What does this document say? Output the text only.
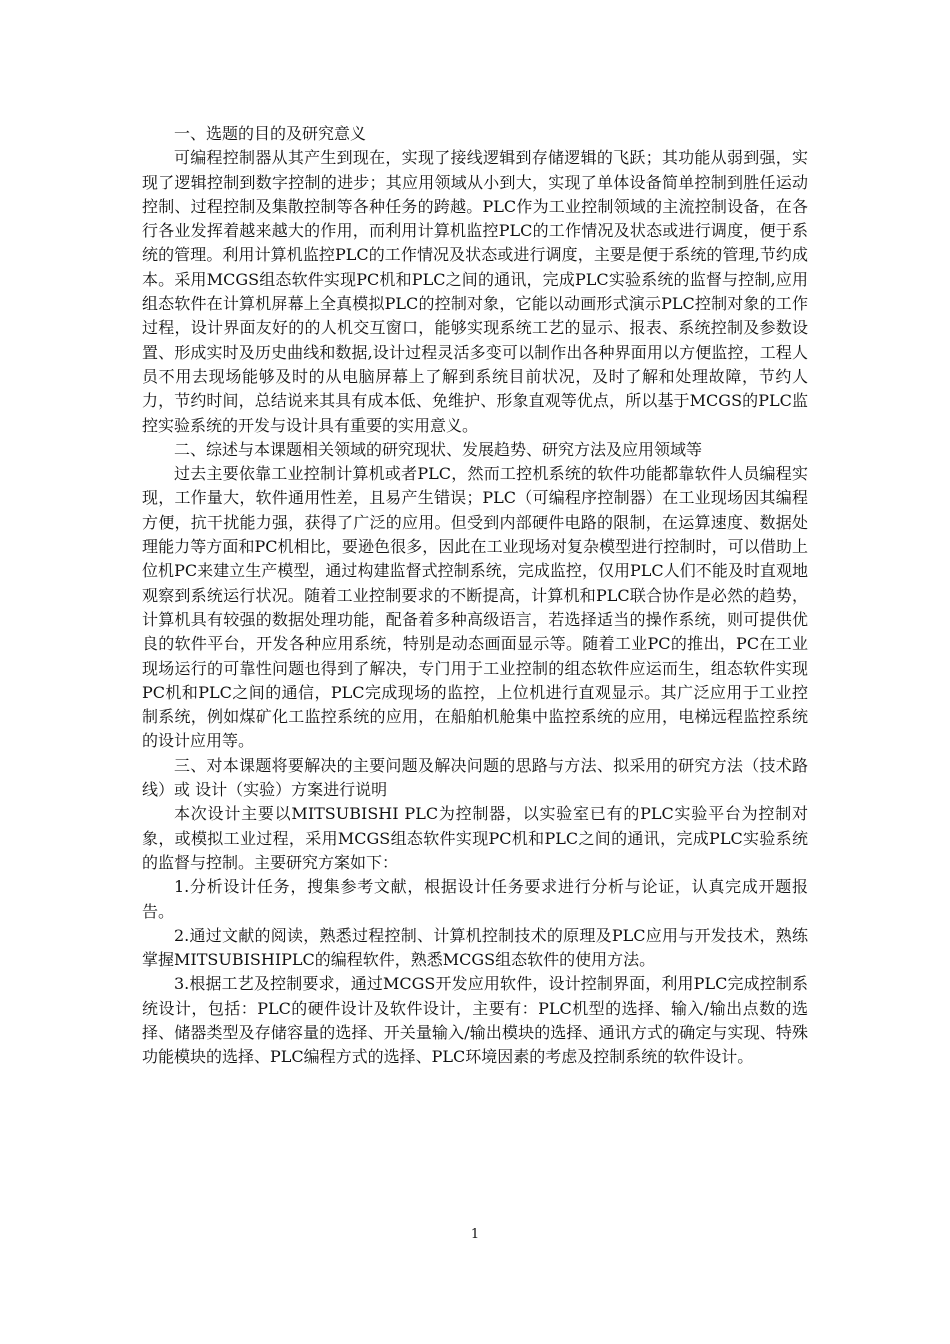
一、选题的目的及研究意义

可编程控制器从其产生到现在，实现了接线逻辑到存储逻辑的飞跃；其功能从弱到强，实现了逻辑控制到数字控制的进步；其应用领域从小到大，实现了单体设备简单控制到胜任运动控制、过程控制及集散控制等各种任务的跨越。PLC作为工业控制领域的主流控制设备，在各行各业发挥着越来越大的作用，而利用计算机监控PLC的工作情况及状态或进行调度，便于系统的管理。利用计算机监控PLC的工作情况及状态或进行调度，主要是便于系统的管理,节约成本。采用MCGS组态软件实现PC机和PLC之间的通讯，完成PLC实验系统的监督与控制,应用组态软件在计算机屏幕上全真模拟PLC的控制对象，它能以动画形式演示PLC控制对象的工作过程，设计界面友好的的人机交互窗口，能够实现系统工艺的显示、报表、系统控制及参数设置、形成实时及历史曲线和数据,设计过程灵活多变可以制作出各种界面用以方便监控，工程人员不用去现场能够及时的从电脑屏幕上了解到系统目前状况，及时了解和处理故障，节约人力，节约时间，总结说来其具有成本低、免维护、形象直观等优点，所以基于MCGS的PLC监控实验系统的开发与设计具有重要的实用意义。

二、综述与本课题相关领域的研究现状、发展趋势、研究方法及应用领域等

过去主要依靠工业控制计算机或者PLC，然而工控机系统的软件功能都靠软件人员编程实现，工作量大，软件通用性差，且易产生错误；PLC（可编程序控制器）在工业现场因其编程方便，抗干扰能力强，获得了广泛的应用。但受到内部硬件电路的限制，在运算速度、数据处理能力等方面和PC机相比，要逊色很多，因此在工业现场对复杂模型进行控制时，可以借助上位机PC来建立生产模型，通过构建监督式控制系统，完成监控，仅用PLC人们不能及时直观地观察到系统运行状况。随着工业控制要求的不断提高，计算机和PLC联合协作是必然的趋势，计算机具有较强的数据处理功能，配备着多种高级语言，若选择适当的操作系统，则可提供优良的软件平台，开发各种应用系统，特别是动态画面显示等。随着工业PC的推出，PC在工业现场运行的可靠性问题也得到了解决，专门用于工业控制的组态软件应运而生，组态软件实现PC机和PLC之间的通信，PLC完成现场的监控，上位机进行直观显示。其广泛应用于工业控制系统，例如煤矿化工监控系统的应用，在船舶机舱集中监控系统的应用，电梯远程监控系统的设计应用等。

三、对本课题将要解决的主要问题及解决问题的思路与方法、拟采用的研究方法（技术路线）或 设计（实验）方案进行说明

本次设计主要以MITSUBISHI PLC为控制器，以实验室已有的PLC实验平台为控制对象，或模拟工业过程，采用MCGS组态软件实现PC机和PLC之间的通讯，完成PLC实验系统的监督与控制。主要研究方案如下：

1.分析设计任务，搜集参考文献，根据设计任务要求进行分析与论证，认真完成开题报告。

2.通过文献的阅读，熟悉过程控制、计算机控制技术的原理及PLC应用与开发技术，熟练掌握MITSUBISHIPLC的编程软件，熟悉MCGS组态软件的使用方法。

3.根据工艺及控制要求，通过MCGS开发应用软件，设计控制界面，利用PLC完成控制系统设计，包括：PLC的硬件设计及软件设计，主要有：PLC机型的选择、输入/输出点数的选择、储器类型及存储容量的选择、开关量输入/输出模块的选择、通讯方式的确定与实现、特殊功能模块的选择、PLC编程方式的选择、PLC环境因素的考虑及控制系统的软件设计。

1
